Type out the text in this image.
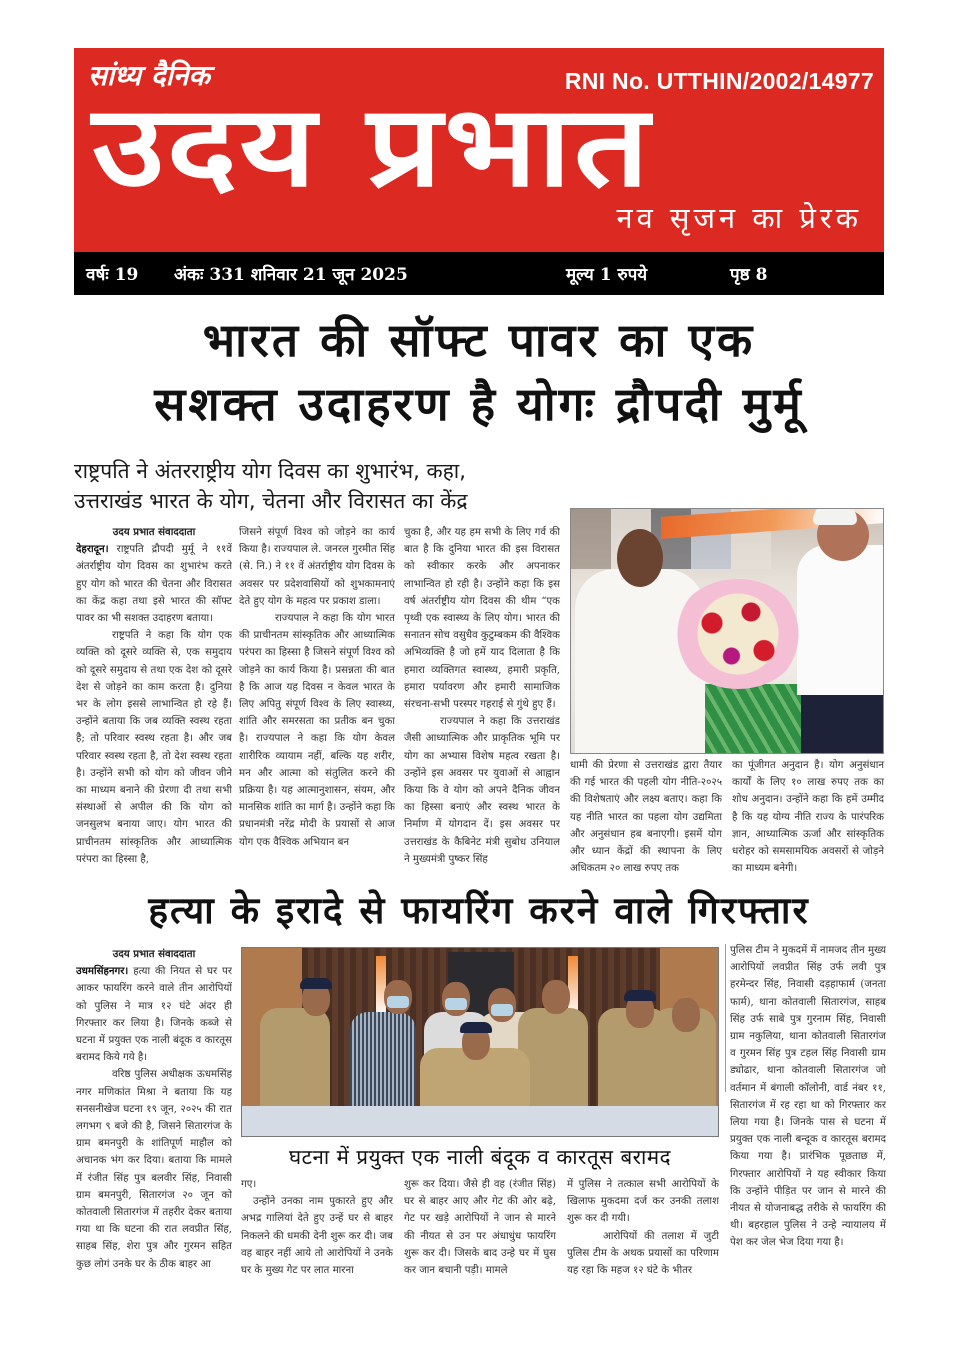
सांध्य दैनिक	RNI No. UTTHIN/2002/14977
उदय प्रभात
नव सृजन का प्रेरक
वर्षः 19 अंकः 331 शनिवार 21 जून 2025	मूल्य 1 रुपये	पृष्ठ 8
भारत की सॉफ्ट पावर का एक
सशक्त उदाहरण है योगः द्रौपदी मुर्मू
राष्ट्रपति ने अंतरराष्ट्रीय योग दिवस का शुभारंभ, कहा,
उत्तराखंड भारत के योग, चेतना और विरासत का केंद्र

उदय प्रभात संवाददाता

देहरादून। राष्ट्रपति द्रौपदी मुर्मू ने ११वें अंतर्राष्ट्रीय योग दिवस का शुभारंभ करते हुए योग को भारत की चेतना और विरासत का केंद्र कहा तथा इसे भारत की सॉफ्ट पावर का भी सशक्त उदाहरण बताया।

राष्ट्रपति ने कहा कि योग एक व्यक्ति को दूसरे व्यक्ति से, एक समुदाय को दूसरे समुदाय से तथा एक देश को दूसरे देश से जोड़ने का काम करता है। दुनिया भर के लोग इससे लाभान्वित हो रहे हैं। उन्होंने बताया कि जब व्यक्ति स्वस्थ रहता है; तो परिवार स्वस्थ रहता है। और जब परिवार स्वस्थ रहता है, तो देश स्वस्थ रहता है। उन्होंने सभी को योग को जीवन जीने का माध्यम बनाने की प्रेरणा दी तथा सभी संस्थाओं से अपील की कि योग को जनसुलभ बनाया जाए। योग भारत की प्राचीनतम सांस्कृतिक और आध्यात्मिक परंपरा का हिस्सा है,

जिसने संपूर्ण विश्व को जोड़ने का कार्य किया है। राज्यपाल ले. जनरल गुरमीत सिंह (से. नि.) ने ११ वें अंतर्राष्ट्रीय योग दिवस के अवसर पर प्रदेशवासियों को शुभकामनाएं देते हुए योग के महत्व पर प्रकाश डाला।

राज्यपाल ने कहा कि योग भारत की प्राचीनतम सांस्कृतिक और आध्यात्मिक परंपरा का हिस्सा है जिसने संपूर्ण विश्व को जोड़ने का कार्य किया है। प्रसन्नता की बात है कि आज यह दिवस न केवल भारत के लिए अपितु संपूर्ण विश्व के लिए स्वास्थ्य, शांति और समरसता का प्रतीक बन चुका है। राज्यपाल ने कहा कि योग केवल शारीरिक व्यायाम नहीं, बल्कि यह शरीर, मन और आत्मा को संतुलित करने की प्रक्रिया है। यह आत्मानुशासन, संयम, और मानसिक शांति का मार्ग है। उन्होंने कहा कि प्रधानमंत्री नरेंद्र मोदी के प्रयासों से आज योग एक वैश्विक अभियान बन

चुका है, और यह हम सभी के लिए गर्व की बात है कि दुनिया भारत की इस विरासत को स्वीकार करके और अपनाकर लाभान्वित हो रही है। उन्होंने कहा कि इस वर्ष अंतर्राष्ट्रीय योग दिवस की थीम “एक पृथ्वी एक स्वास्थ्य के लिए योग। भारत की सनातन सोच वसुधैव कुटुम्बकम की वैश्विक अभिव्यक्ति है जो हमें याद दिलाता है कि हमारा व्यक्तिगत स्वास्थ्य, हमारी प्रकृति, हमारा पर्यावरण और हमारी सामाजिक संरचना-सभी परस्पर गहराई से गुंथे हुए हैं।

राज्यपाल ने कहा कि उत्तराखंड जैसी आध्यात्मिक और प्राकृतिक भूमि पर योग का अभ्यास विशेष महत्व रखता है। उन्होंने इस अवसर पर युवाओं से आह्वान किया कि वे योग को अपने दैनिक जीवन का हिस्सा बनाएं और स्वस्थ भारत के निर्माण में योगदान दें। इस अवसर पर उत्तराखंड के कैबिनेट मंत्री सुबोध उनियाल ने मुख्यमंत्री पुष्कर सिंह

धामी की प्रेरणा से उत्तराखंड द्वारा तैयार की गई भारत की पहली योग नीति-२०२५ की विशेषताएं और लक्ष्य बताए। कहा कि यह नीति भारत का पहला योग उद्यमिता और अनुसंधान हब बनाएगी। इसमें योग और ध्यान केंद्रों की स्थापना के लिए अधिकतम २० लाख रुपए तक
का पूंजीगत अनुदान है। योग अनुसंधान कार्यों के लिए १० लाख रुपए तक का शोध अनुदान। उन्होंने कहा कि हमें उम्मीद है कि यह योग्य नीति राज्य के पारंपरिक ज्ञान, आध्यात्मिक ऊर्जा और सांस्कृतिक धरोहर को समसामयिक अवसरों से जोड़ने का माध्यम बनेगी।
हत्या के इरादे से फायरिंग करने वाले गिरफ्तार

उदय प्रभात संवाददाता

उधमसिंहनगर। हत्या की नियत से घर पर आकर फायरिंग करने वाले तीन आरोपियों को पुलिस ने मात्र १२ घंटे अंदर ही गिरफ्तार कर लिया है। जिनके कब्जे से घटना में प्रयुक्त एक नाली बंदूक व कारतूस बरामद किये गये है।

वरिष्ठ पुलिस अधीक्षक ऊधमसिंह नगर मणिकांत मिश्रा ने बताया कि यह सनसनीखेज घटना १९ जून, २०२५ की रात लगभग ९ बजे की है, जिसने सितारगंज के ग्राम बमनपुरी के शांतिपूर्ण माहौल को अचानक भंग कर दिया। बताया कि मामले में रंजीत सिंह पुत्र बलवीर सिंह, निवासी ग्राम बमनपुरी, सितारगंज २० जून को कोतवाली सितारगंज में तहरीर देकर बताया गया था कि घटना की रात लवप्रीत सिंह, साहब सिंह, शेरा पुत्र और गुरमन सहित कुछ लोगं उनके घर के ठीक बाहर आ

घटना में प्रयुक्त एक नाली बंदूक व कारतूस बरामद

गए।

उन्होंने उनका नाम पुकारते हुए और अभद्र गालियां देते हुए उन्हें घर से बाहर निकलने की धमकी देनी शुरू कर दी। जब वह बाहर नहीं आये तो आरोपियों ने उनके घर के मुख्य गेट पर लात मारना

शुरू कर दिया। जैसे ही वह (रंजीत सिंह) घर से बाहर आए और गेट की ओर बढ़े, गेट पर खड़े आरोपियों ने जान से मारने की नीयत से उन पर अंधाधुंध फायरिंग शुरू कर दी। जिसके बाद उन्हे घर में घुस कर जान बचानी पड़ी। मामले

में पुलिस ने तत्काल सभी आरोपियों के खिलाफ मुकदमा दर्ज कर उनकी तलाश शुरू कर दी गयी।

आरोपियों की तलाश में जुटी पुलिस टीम के अथक प्रयासों का परिणाम यह रहा कि महज १२ घंटे के भीतर

पुलिस टीम ने मुकदमें में नामजद तीन मुख्य आरोपियों लवप्रीत सिंह उर्फ लवी पुत्र हरमेन्दर सिंह, निवासी दड़हाफार्म (जनता फार्म), थाना कोतवाली सितारगंज, साहब सिंह उर्फ साबे पुत्र गुरनाम सिंह, निवासी ग्राम नकुलिया, थाना कोतवाली सितारगंज व गुरमन सिंह पुत्र टहल सिंह निवासी ग्राम ड्योढार, थाना कोतवाली सितारगंज जो वर्तमान में बंगाली कॉलोनी, वार्ड नंबर ११, सितारगंज में रह रहा था को गिरफ्तार कर लिया गया है। जिनके पास से घटना में प्रयुक्त एक नाली बन्दूक व कारतूस बरामद किया गया है। प्रारंभिक पूछताछ में, गिरफ्तार आरोपियों ने यह स्वीकार किया कि उन्होंने पीड़ित पर जान से मारने की नीयत से योजनाबद्ध तरीके से फायरिंग की थी। बहरहाल पुलिस ने उन्हे न्यायालय में पेश कर जेल भेज दिया गया है।
